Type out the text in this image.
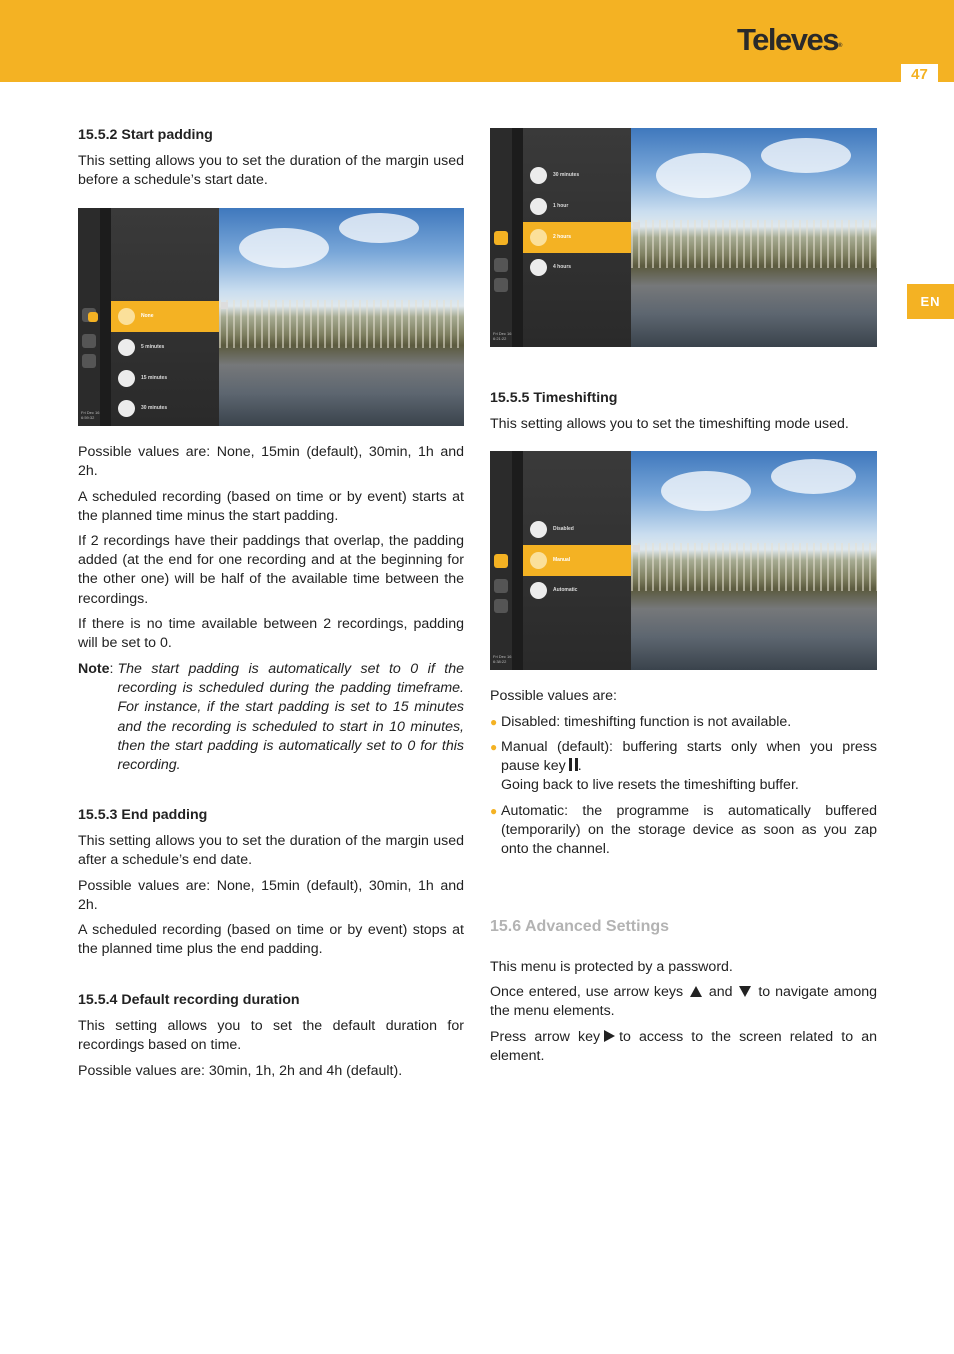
Televes®
47
EN
15.5.2 Start padding

This setting allows you to set the duration of the margin used before a schedule’s start date.

Fri Dec 16 6:59:32
None
5 minutes
15 minutes
30 minutes

Possible values are: None, 15min (default), 30min, 1h and 2h.

A scheduled recording (based on time or by event) starts at the planned time minus the start padding.

If 2 recordings have their paddings that overlap, the padding added (at the end for one recording and at the beginning for the other one) will be half of the available time between the recordings.

If there is no time available between 2 recordings, padding will be set to 0.

Note : The start padding is automatically set to 0 if the recording is scheduled during the padding timeframe. For instance, if the start padding is set to 15 minutes and the recording is scheduled to start in 10 minutes, then the start padding is automatically set to 0 for this recording.
15.5.3 End padding

This setting allows you to set the duration of the margin used after a schedule’s end date.

Possible values are: None, 15min (default), 30min, 1h and 2h.

A scheduled recording (based on time or by event) stops at the planned time plus the end padding.

15.5.4 Default recording duration

This setting allows you to set the default duration for recordings based on time.

Possible values are: 30min, 1h, 2h and 4h (default).

Fri Dec 16 6:21:22
30 minutes
1 hour
2 hours
4 hours
15.5.5 Timeshifting

This setting allows you to set the timeshifting mode used.

Fri Dec 16 6:38:22
Disabled
Manual
Automatic

Possible values are:

● Disabled: timeshifting function is not available.
● Manual (default): buffering starts only when you press pause key .
Going back to live resets the timeshifting buffer.
● Automatic: the programme is automatically buffered (temporarily) on the storage device as soon as you zap onto the channel.
15.6 Advanced Settings

This menu is protected by a password.

Once entered, use arrow keys and to navigate among the menu elements.

Press arrow key to access to the screen related to an element.
